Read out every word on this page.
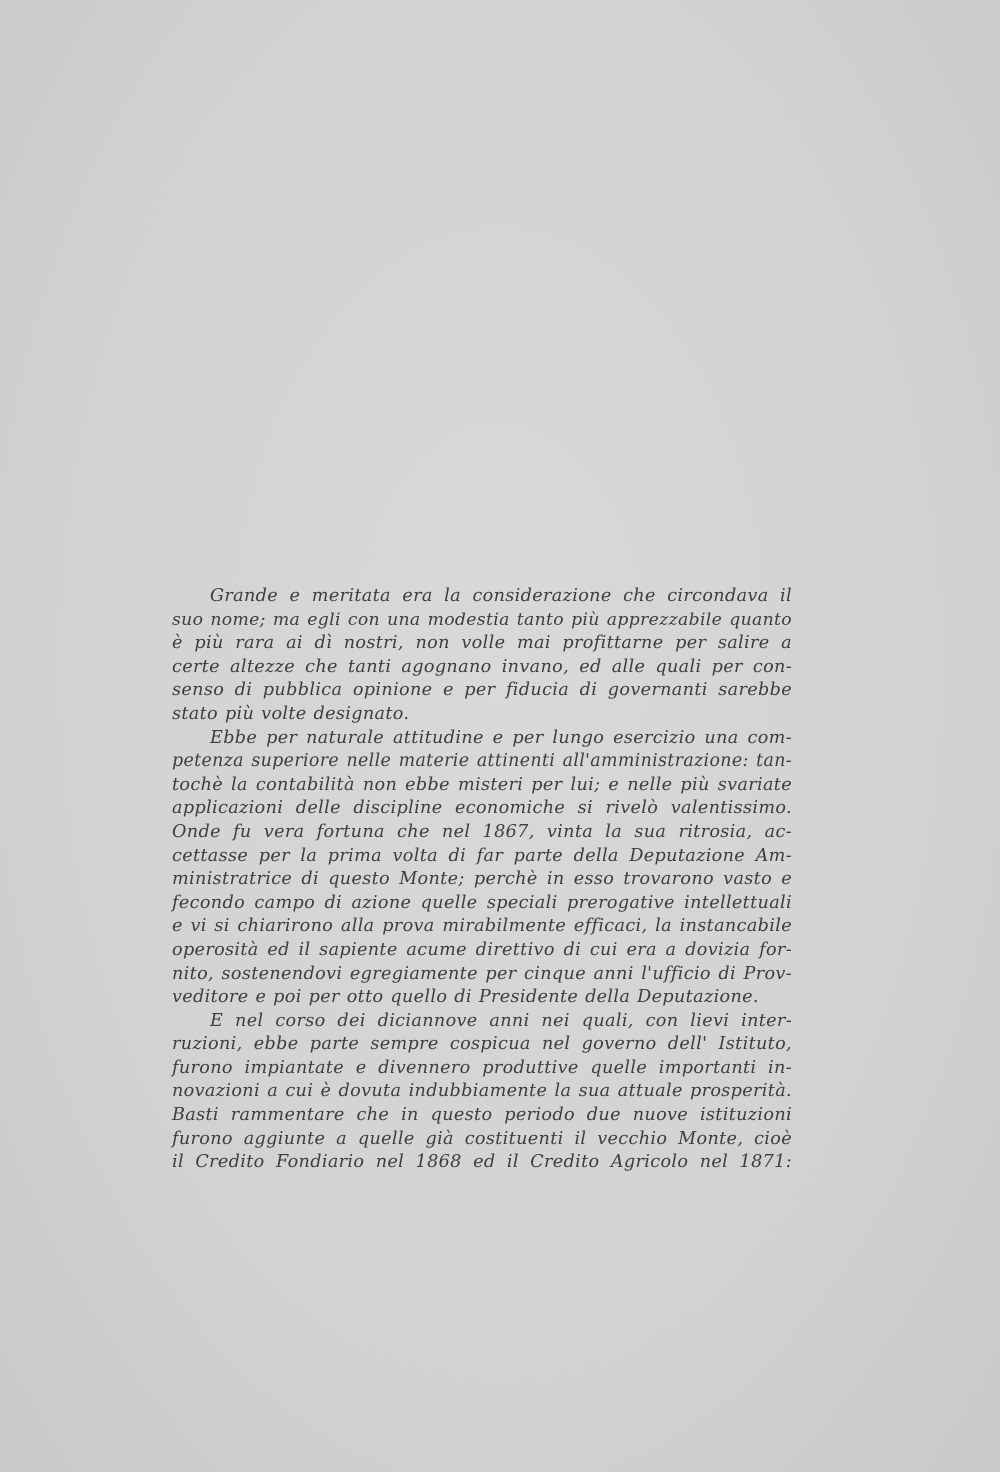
Grande e meritata era la considerazione che circondava il
suo nome; ma egli con una modestia tanto più apprezzabile quanto
è più rara ai dì nostri, non volle mai profittarne per salire a
certe altezze che tanti agognano invano, ed alle quali per con-
senso di pubblica opinione e per fiducia di governanti sarebbe
stato più volte designato.
Ebbe per naturale attitudine e per lungo esercizio una com-
petenza superiore nelle materie attinenti all'amministrazione: tan-
tochè la contabilità non ebbe misteri per lui; e nelle più svariate
applicazioni delle discipline economiche si rivelò valentissimo.
Onde fu vera fortuna che nel 1867, vinta la sua ritrosia, ac-
cettasse per la prima volta di far parte della Deputazione Am-
ministratrice di questo Monte; perchè in esso trovarono vasto e
fecondo campo di azione quelle speciali prerogative intellettuali
e vi si chiarirono alla prova mirabilmente efficaci, la instancabile
operosità ed il sapiente acume direttivo di cui era a dovizia for-
nito, sostenendovi egregiamente per cinque anni l'ufficio di Prov-
veditore e poi per otto quello di Presidente della Deputazione.
E nel corso dei diciannove anni nei quali, con lievi inter-
ruzioni, ebbe parte sempre cospicua nel governo dell' Istituto,
furono impiantate e divennero produttive quelle importanti in-
novazioni a cui è dovuta indubbiamente la sua attuale prosperità.
Basti rammentare che in questo periodo due nuove istituzioni
furono aggiunte a quelle già costituenti il vecchio Monte, cioè
il Credito Fondiario nel 1868 ed il Credito Agricolo nel 1871:
